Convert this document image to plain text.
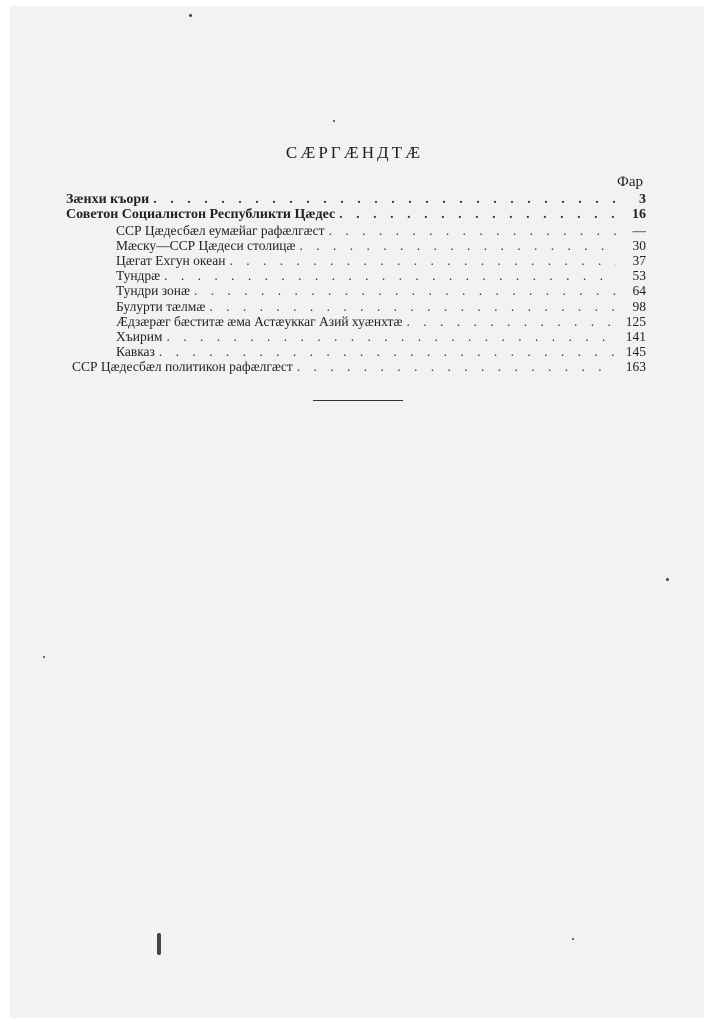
СÆРГÆНДТÆ
Фар
Зæнхи къори . . .	3
Советон Социалистон Республикти Цæдес . . .	16
ССР Цæдесбæл еумæйаг рафæлгæст . . .	—
Мæску—ССР Цæдеси столицæ . . .	30
Цæгат Ехгун океан . . .	37
Тундрæ . . .	53
Тундри зонæ . . .	64
Булурти тæлмæ . . .	98
Ӕдзæрæг бæститæ æма Астæуккаг Азий хуæнхтæ . . .	125
Хъирим . . .	141
Кавказ . . .	145
ССР Цæдесбæл политикон рафæлгæст . . .	163
